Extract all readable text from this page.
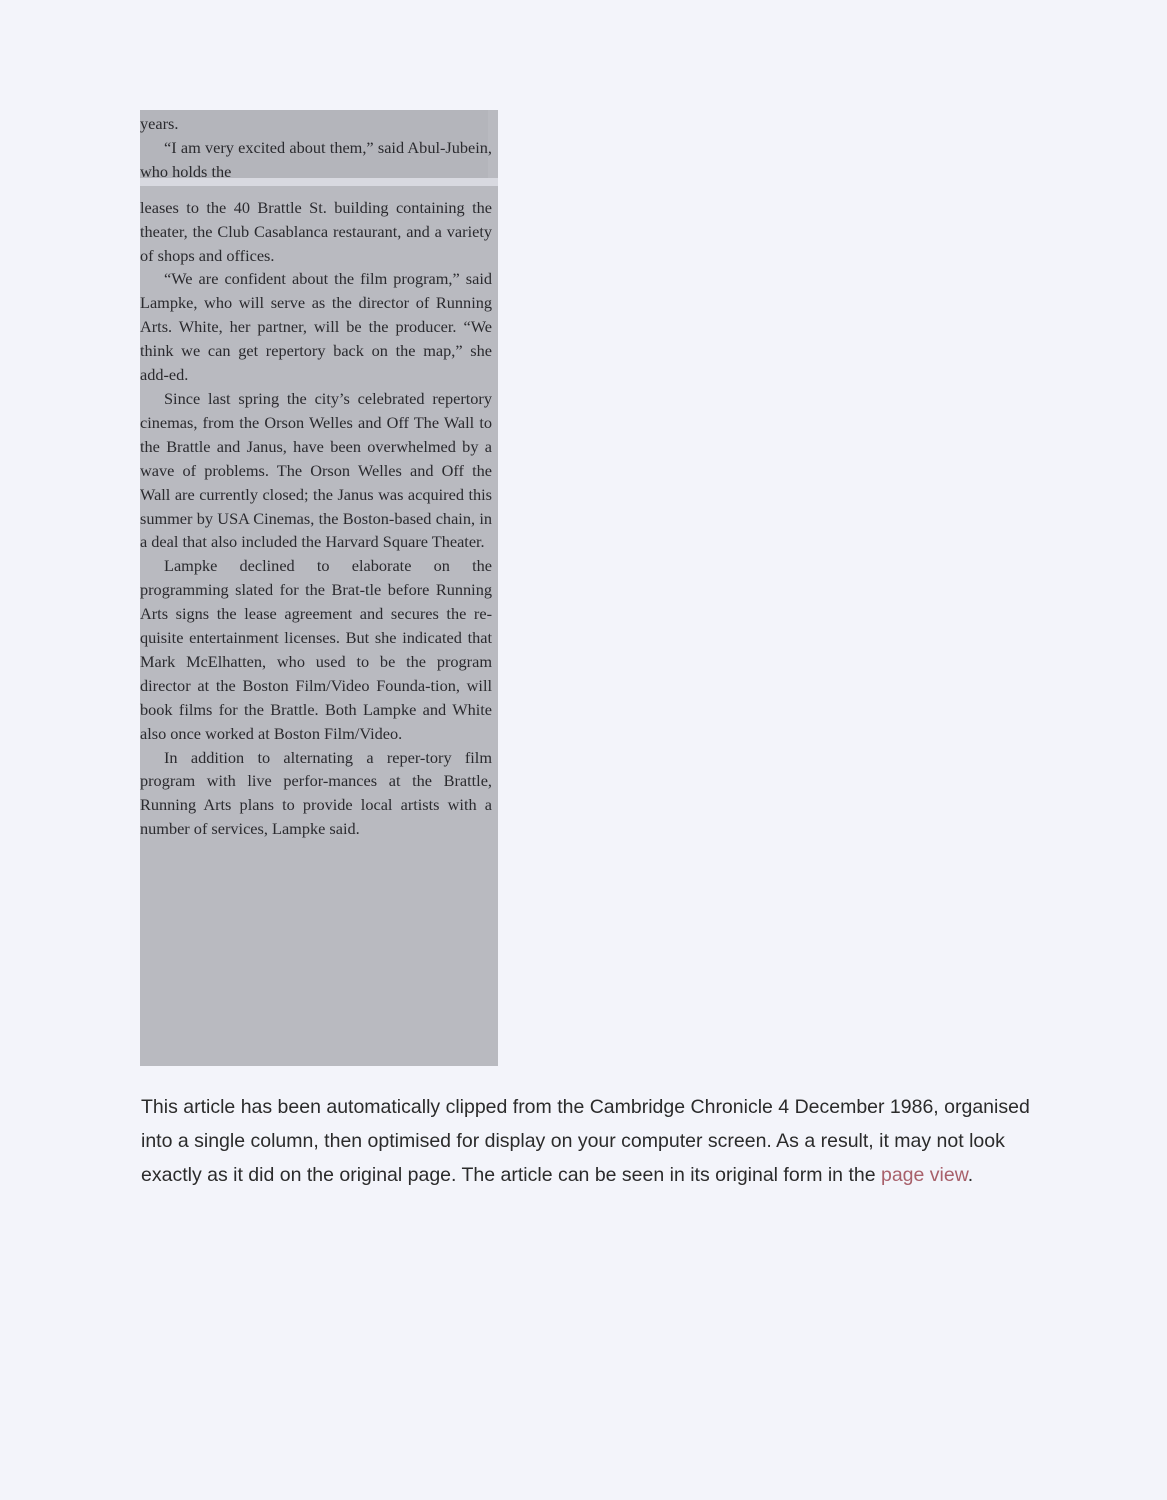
years.

“I am very excited about them,” said Abul-Jubein, who holds the

leases to the 40 Brattle St. building containing the theater, the Club Casablanca restaurant, and a variety of shops and offices.

“We are confident about the film program,” said Lampke, who will serve as the director of Running Arts. White, her partner, will be the producer. “We think we can get repertory back on the map,” she add-ed.

Since last spring the city’s celebrated repertory cinemas, from the Orson Welles and Off The Wall to the Brattle and Janus, have been overwhelmed by a wave of problems. The Orson Welles and Off the Wall are currently closed; the Janus was acquired this summer by USA Cinemas, the Boston-based chain, in a deal that also included the Harvard Square Theater.

Lampke declined to elaborate on the programming slated for the Brat-tle before Running Arts signs the lease agreement and secures the re-quisite entertainment licenses. But she indicated that Mark McElhatten, who used to be the program director at the Boston Film/Video Founda-tion, will book films for the Brattle. Both Lampke and White also once worked at Boston Film/Video.

In addition to alternating a reper-tory film program with live perfor-mances at the Brattle, Running Arts plans to provide local artists with a number of services, Lampke said.

This article has been automatically clipped from the Cambridge Chronicle 4 December 1986, organised into a single column, then optimised for display on your computer screen. As a result, it may not look exactly as it did on the original page. The article can be seen in its original form in the page view.
